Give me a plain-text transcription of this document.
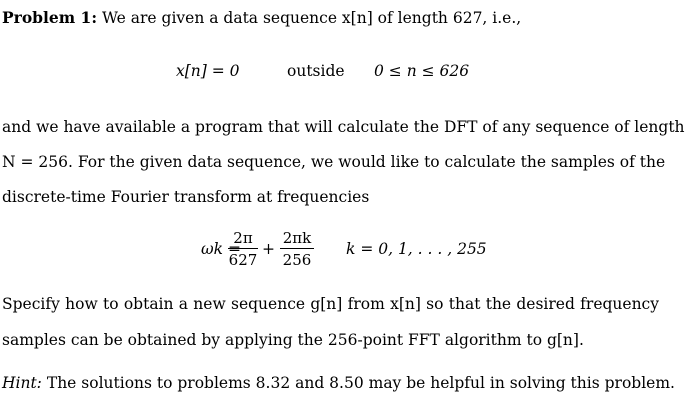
Problem 1: We are given a data sequence x[n] of length 627, i.e.,
x[n] = 0	outside 0 ≤ n ≤ 626
and we have available a program that will calculate the DFT of any sequence of length
N = 256. For the given data sequence, we would like to calculate the samples of the
discrete-time Fourier transform at frequencies
ωk =
2π
627
+
2πk
256
k = 0, 1, . . . , 255
Specify how to obtain a new sequence g[n] from x[n] so that the desired frequency
samples can be obtained by applying the 256-point FFT algorithm to g[n].
Hint: The solutions to problems 8.32 and 8.50 may be helpful in solving this problem.
